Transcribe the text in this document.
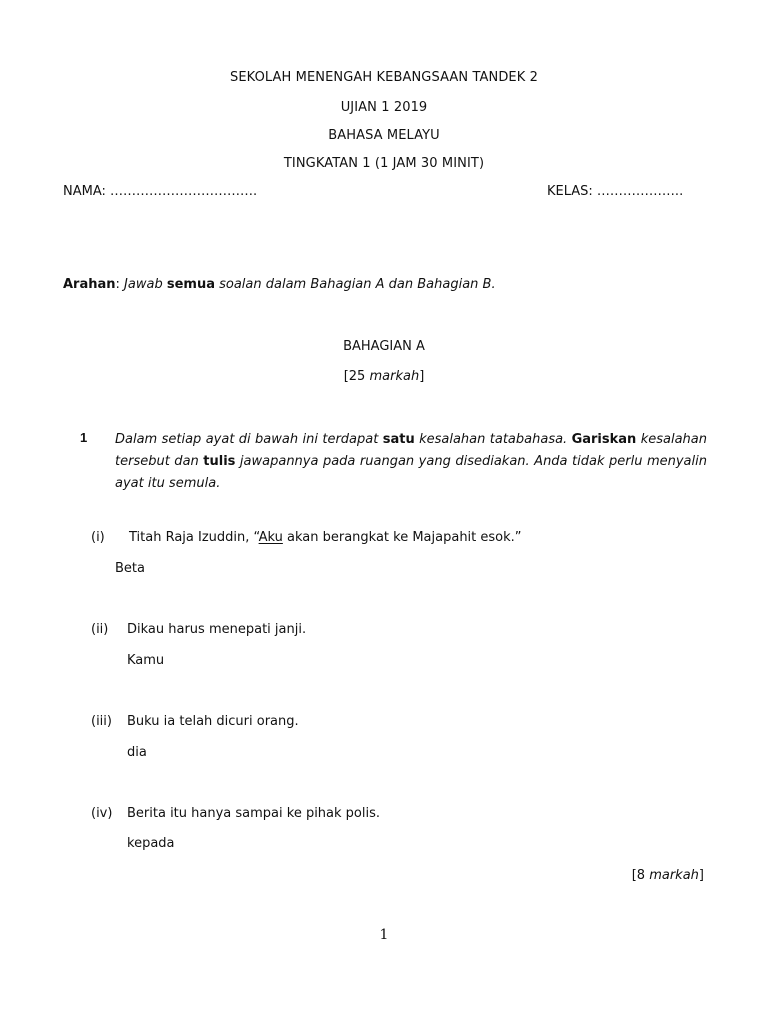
SEKOLAH MENENGAH KEBANGSAAN TANDEK 2
UJIAN 1 2019
BAHASA MELAYU
TINGKATAN 1 (1 JAM 30 MINIT)
NAMA: …………………………….	KELAS: ………………..
Arahan: Jawab semua soalan dalam Bahagian A dan Bahagian B.
BAHAGIAN A
[25 markah]
1 Dalam setiap ayat di bawah ini terdapat satu kesalahan tatabahasa. Gariskan kesalahan
tersebut dan tulis jawapannya pada ruangan yang disediakan. Anda tidak perlu menyalin
ayat itu semula.
(i) Titah Raja Izuddin, “Aku akan berangkat ke Majapahit esok.”
Beta
(ii) Dikau harus menepati janji.
Kamu
(iii) Buku ia telah dicuri orang.
dia
(iv) Berita itu hanya sampai ke pihak polis.
kepada
[8 markah]
1
